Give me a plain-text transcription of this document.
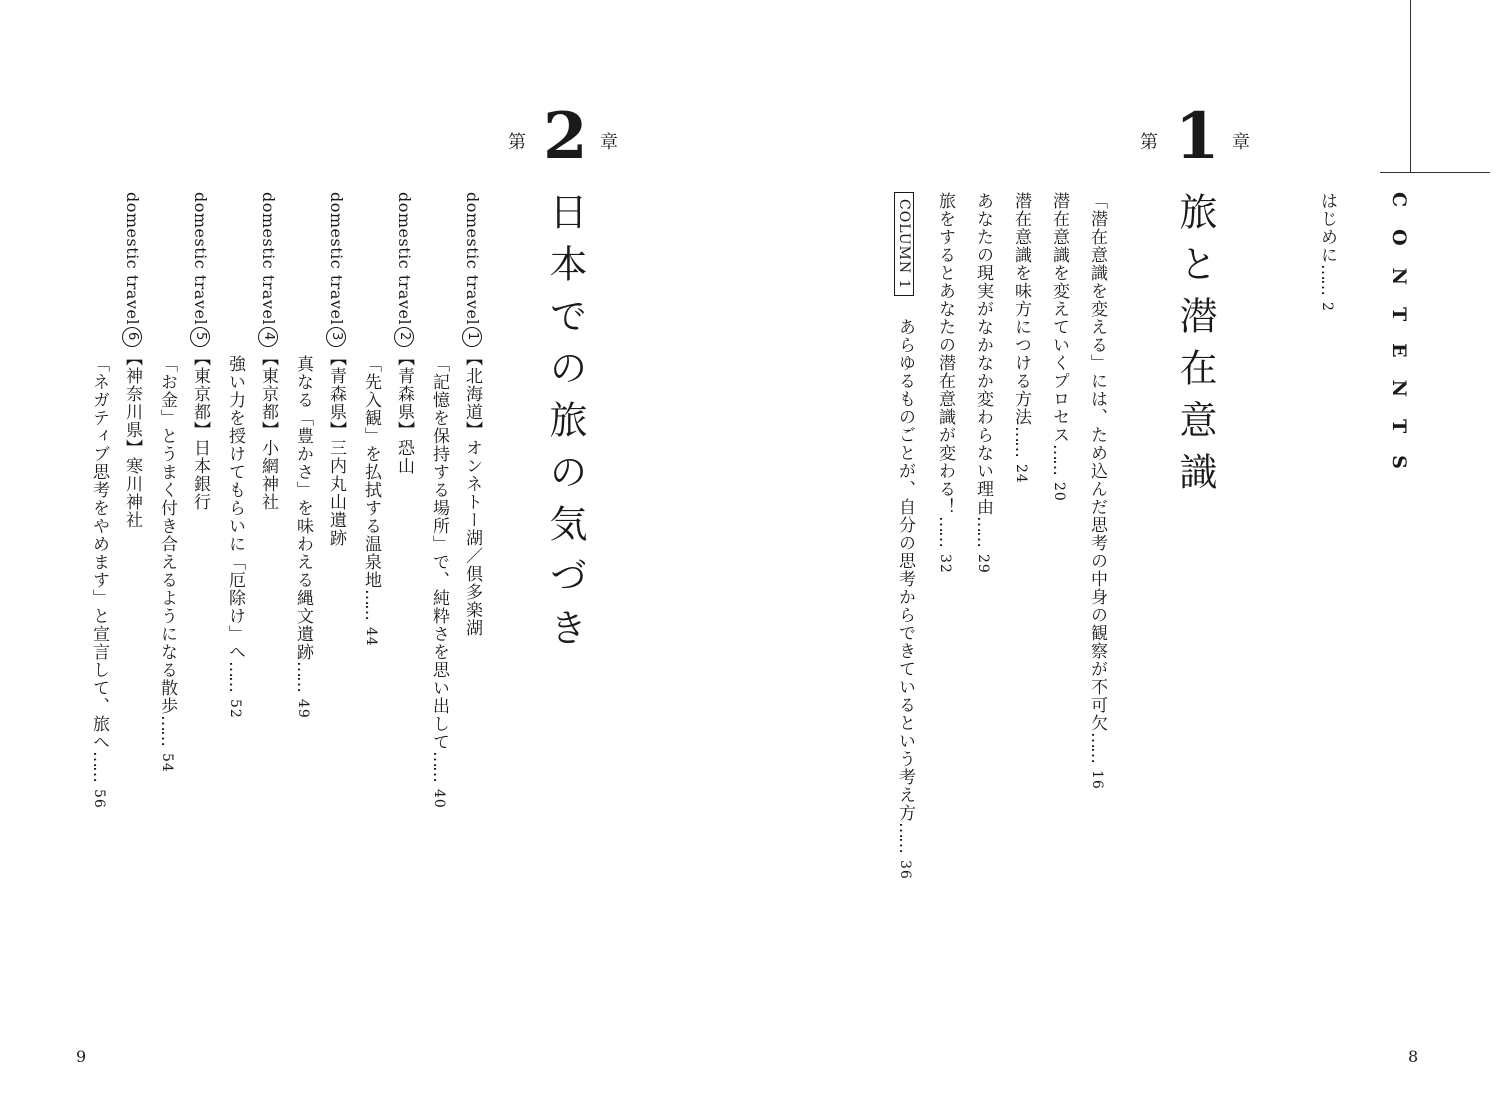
CONTENTS
はじめに……2
第 1 章
旅と潜在意識
「潜在意識を変える」には、ため込んだ思考の中身の観察が不可欠……16
潜在意識を変えていくプロセス……20
潜在意識を味方につける方法……24
あなたの現実がなかなか変わらない理由……29
旅をするとあなたの潜在意識が変わる！……32
COLUMN 1
あらゆるものごとが、自分の思考からできているという考え方……36
第 2 章
日本での旅の気づき
domestic travel1【北海道】オンネトー湖／倶多楽湖
「記憶を保持する場所」で、純粋さを思い出して……40
domestic travel2【青森県】恐山
「先入観」を払拭する温泉地……44
domestic travel3【青森県】三内丸山遺跡
真なる「豊かさ」を味わえる縄文遺跡……49
domestic travel4【東京都】小網神社
強い力を授けてもらいに「厄除け」へ……52
domestic travel5【東京都】日本銀行
「お金」とうまく付き合えるようになる散歩……54
domestic travel6【神奈川県】寒川神社
「ネガティブ思考をやめます」と宣言して、旅へ……56
9	8
